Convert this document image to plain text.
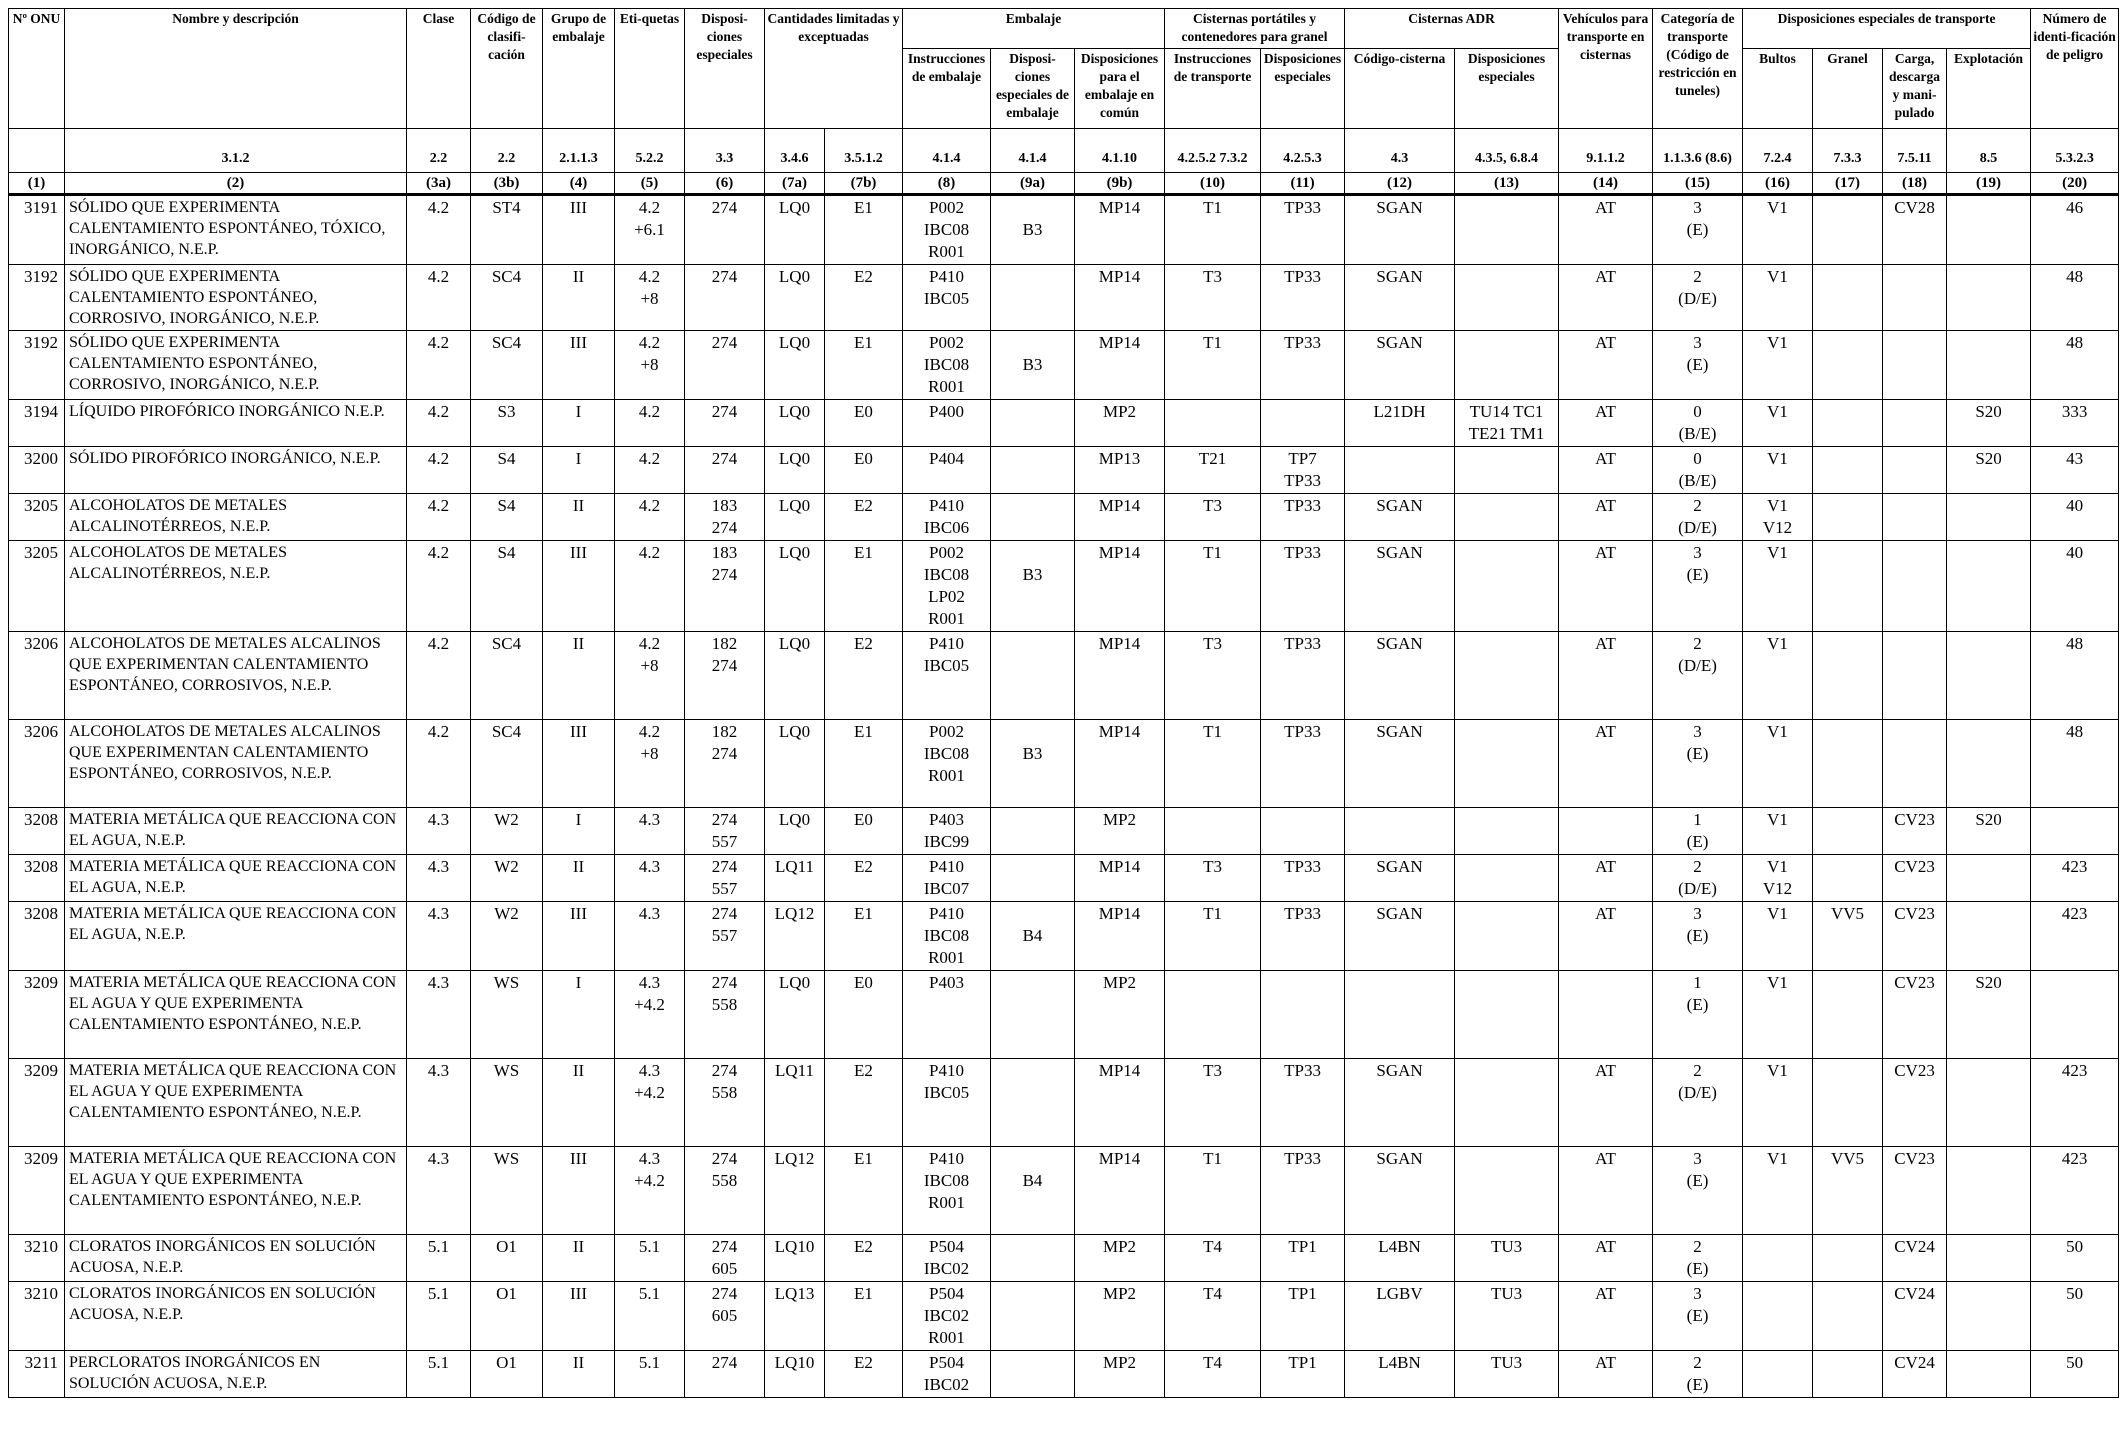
Nº ONU	Nombre y descripción	Clase	Código de clasifi-cación	Grupo de embalaje	Eti-quetas	Disposi-ciones especiales	Cantidades limitadas y exceptuadas		Embalaje			Cisternas portátiles y contenedores para granel		Cisternas ADR		Vehículos para transporte en cisternas	Categoría de transporte (Código de restricción en tuneles)	Disposiciones especiales de transporte				Número de identi-ficación de peligro
									Instrucciones de embalaje	Disposi-ciones especiales de embalaje	Disposiciones para el embalaje en común	Instrucciones de transporte	Disposiciones especiales	Código-cisterna	Disposiciones especiales			Bultos	Granel	Carga, descarga y mani-pulado	Explotación	

	3.1.2	2.2	2.2	2.1.1.3	5.2.2	3.3	3.4.6	3.5.1.2	4.1.4	4.1.4	4.1.10	4.2.5.2 7.3.2	4.2.5.3	4.3	4.3.5, 6.8.4	9.1.1.2	1.1.3.6 (8.6)	7.2.4	7.3.3	7.5.11	8.5	5.3.2.3
(1)	(2)	(3a)	(3b)	(4)	(5)	(6)	(7a)	(7b)	(8)	(9a)	(9b)	(10)	(11)	(12)	(13)	(14)	(15)	(16)	(17)	(18)	(19)	(20)

3191	SÓLIDO QUE EXPERIMENTA CALENTAMIENTO ESPONTÁNEO, TÓXICO, INORGÁNICO, N.E.P.	4.2	ST4	III	4.2
+6.1	274	LQ0	E1	P002
IBC08
R001	B3	MP14	T1	TP33	SGAN		AT	3
(E)	V1		CV28		46

3192	SÓLIDO QUE EXPERIMENTA CALENTAMIENTO ESPONTÁNEO, CORROSIVO, INORGÁNICO, N.E.P.	4.2	SC4	II	4.2
+8	274	LQ0	E2	P410
IBC05		MP14	T3	TP33	SGAN		AT	2
(D/E)	V1				48

3192	SÓLIDO QUE EXPERIMENTA CALENTAMIENTO ESPONTÁNEO, CORROSIVO, INORGÁNICO, N.E.P.	4.2	SC4	III	4.2
+8	274	LQ0	E1	P002
IBC08
R001	B3	MP14	T1	TP33	SGAN		AT	3
(E)	V1				48

3194	LÍQUIDO PIROFÓRICO INORGÁNICO N.E.P.	4.2	S3	I	4.2	274	LQ0	E0	P400		MP2			L21DH	TU14 TC1
TE21 TM1	AT	0
(B/E)	V1			S20	333

3200	SÓLIDO PIROFÓRICO INORGÁNICO, N.E.P.	4.2	S4	I	4.2	274	LQ0	E0	P404		MP13	T21	TP7
TP33			AT	0
(B/E)	V1			S20	43

3205	ALCOHOLATOS DE METALES ALCALINOTÉRREOS, N.E.P.	4.2	S4	II	4.2	183
274	LQ0	E2	P410
IBC06		MP14	T3	TP33	SGAN		AT	2
(D/E)	V1
V12				40

3205	ALCOHOLATOS DE METALES ALCALINOTÉRREOS, N.E.P.	4.2	S4	III	4.2	183
274	LQ0	E1	P002
IBC08
LP02
R001	B3	MP14	T1	TP33	SGAN		AT	3
(E)	V1				40

3206	ALCOHOLATOS DE METALES ALCALINOS QUE EXPERIMENTAN CALENTAMIENTO ESPONTÁNEO, CORROSIVOS, N.E.P.	4.2	SC4	II	4.2
+8	182
274	LQ0	E2	P410
IBC05		MP14	T3	TP33	SGAN		AT	2
(D/E)	V1				48

3206	ALCOHOLATOS DE METALES ALCALINOS QUE EXPERIMENTAN CALENTAMIENTO ESPONTÁNEO, CORROSIVOS, N.E.P.	4.2	SC4	III	4.2
+8	182
274	LQ0	E1	P002
IBC08
R001	B3	MP14	T1	TP33	SGAN		AT	3
(E)	V1				48

3208	MATERIA METÁLICA QUE REACCIONA CON EL AGUA, N.E.P.	4.3	W2	I	4.3	274
557	LQ0	E0	P403
IBC99		MP2						1
(E)	V1		CV23	S20	

3208	MATERIA METÁLICA QUE REACCIONA CON EL AGUA, N.E.P.	4.3	W2	II	4.3	274
557	LQ11	E2	P410
IBC07		MP14	T3	TP33	SGAN		AT	2
(D/E)	V1
V12		CV23		423

3208	MATERIA METÁLICA QUE REACCIONA CON EL AGUA, N.E.P.	4.3	W2	III	4.3	274
557	LQ12	E1	P410
IBC08
R001	B4	MP14	T1	TP33	SGAN		AT	3
(E)	V1	VV5	CV23		423

3209	MATERIA METÁLICA QUE REACCIONA CON EL AGUA Y QUE EXPERIMENTA CALENTAMIENTO ESPONTÁNEO, N.E.P.	4.3	WS	I	4.3
+4.2	274
558	LQ0	E0	P403		MP2						1
(E)	V1		CV23	S20	

3209	MATERIA METÁLICA QUE REACCIONA CON EL AGUA Y QUE EXPERIMENTA CALENTAMIENTO ESPONTÁNEO, N.E.P.	4.3	WS	II	4.3
+4.2	274
558	LQ11	E2	P410
IBC05		MP14	T3	TP33	SGAN		AT	2
(D/E)	V1		CV23		423

3209	MATERIA METÁLICA QUE REACCIONA CON EL AGUA Y QUE EXPERIMENTA CALENTAMIENTO ESPONTÁNEO, N.E.P.	4.3	WS	III	4.3
+4.2	274
558	LQ12	E1	P410
IBC08
R001	B4	MP14	T1	TP33	SGAN		AT	3
(E)	V1	VV5	CV23		423

3210	CLORATOS INORGÁNICOS EN SOLUCIÓN ACUOSA, N.E.P.	5.1	O1	II	5.1	274
605	LQ10	E2	P504
IBC02		MP2	T4	TP1	L4BN	TU3	AT	2
(E)			CV24		50

3210	CLORATOS INORGÁNICOS EN SOLUCIÓN ACUOSA, N.E.P.	5.1	O1	III	5.1	274
605	LQ13	E1	P504
IBC02
R001		MP2	T4	TP1	LGBV	TU3	AT	3
(E)			CV24		50

3211	PERCLORATOS INORGÁNICOS EN SOLUCIÓN ACUOSA, N.E.P.	5.1	O1	II	5.1	274	LQ10	E2	P504
IBC02		MP2	T4	TP1	L4BN	TU3	AT	2
(E)			CV24		50
